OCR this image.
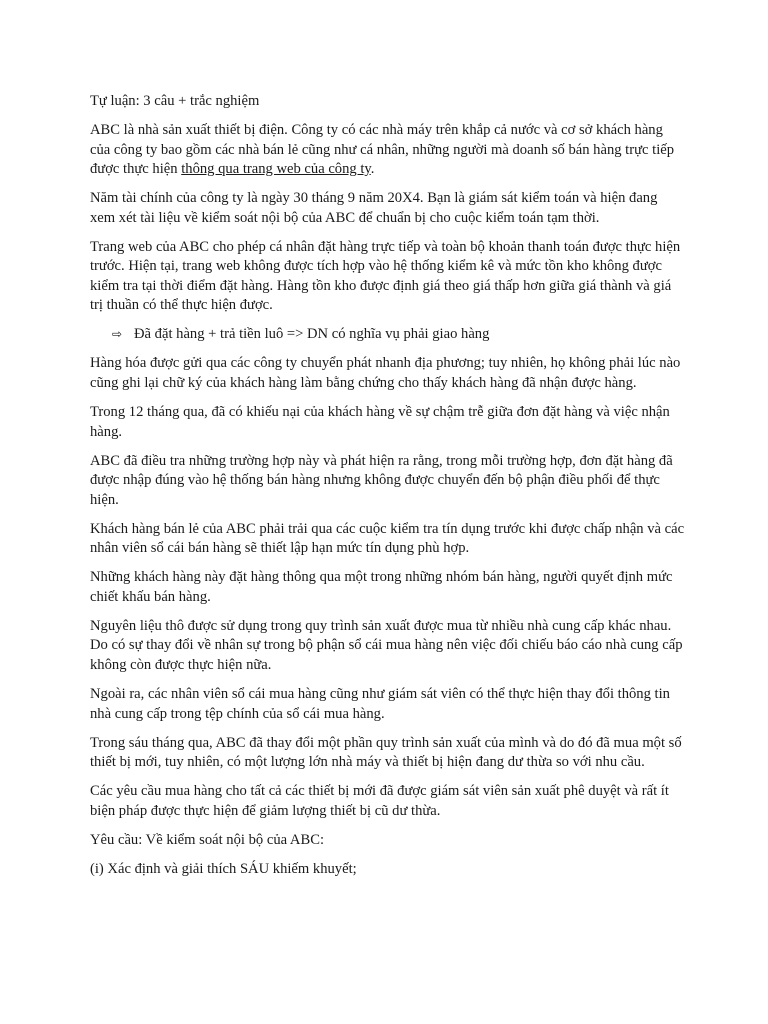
Tự luận: 3 câu + trắc nghiệm

ABC là nhà sản xuất thiết bị điện. Công ty có các nhà máy trên khắp cả nước và cơ sở khách hàng của công ty bao gồm các nhà bán lẻ cũng như cá nhân, những người mà doanh số bán hàng trực tiếp được thực hiện thông qua trang web của công ty.

Năm tài chính của công ty là ngày 30 tháng 9 năm 20X4. Bạn là giám sát kiểm toán và hiện đang xem xét tài liệu về kiểm soát nội bộ của ABC để chuẩn bị cho cuộc kiểm toán tạm thời.

Trang web của ABC cho phép cá nhân đặt hàng trực tiếp và toàn bộ khoản thanh toán được thực hiện trước. Hiện tại, trang web không được tích hợp vào hệ thống kiểm kê và mức tồn kho không được kiểm tra tại thời điểm đặt hàng. Hàng tồn kho được định giá theo giá thấp hơn giữa giá thành và giá trị thuần có thể thực hiện được.

⇨ Đã đặt hàng + trả tiền luô => DN có nghĩa vụ phải giao hàng

Hàng hóa được gửi qua các công ty chuyển phát nhanh địa phương; tuy nhiên, họ không phải lúc nào cũng ghi lại chữ ký của khách hàng làm bằng chứng cho thấy khách hàng đã nhận được hàng.

Trong 12 tháng qua, đã có khiếu nại của khách hàng về sự chậm trễ giữa đơn đặt hàng và việc nhận hàng.

ABC đã điều tra những trường hợp này và phát hiện ra rằng, trong mỗi trường hợp, đơn đặt hàng đã được nhập đúng vào hệ thống bán hàng nhưng không được chuyển đến bộ phận điều phối để thực hiện.

Khách hàng bán lẻ của ABC phải trải qua các cuộc kiểm tra tín dụng trước khi được chấp nhận và các nhân viên sổ cái bán hàng sẽ thiết lập hạn mức tín dụng phù hợp.

Những khách hàng này đặt hàng thông qua một trong những nhóm bán hàng, người quyết định mức chiết khấu bán hàng.

Nguyên liệu thô được sử dụng trong quy trình sản xuất được mua từ nhiều nhà cung cấp khác nhau. Do có sự thay đổi về nhân sự trong bộ phận sổ cái mua hàng nên việc đối chiếu báo cáo nhà cung cấp không còn được thực hiện nữa.

Ngoài ra, các nhân viên sổ cái mua hàng cũng như giám sát viên có thể thực hiện thay đổi thông tin nhà cung cấp trong tệp chính của sổ cái mua hàng.

Trong sáu tháng qua, ABC đã thay đổi một phần quy trình sản xuất của mình và do đó đã mua một số thiết bị mới, tuy nhiên, có một lượng lớn nhà máy và thiết bị hiện đang dư thừa so với nhu cầu.

Các yêu cầu mua hàng cho tất cả các thiết bị mới đã được giám sát viên sản xuất phê duyệt và rất ít biện pháp được thực hiện để giảm lượng thiết bị cũ dư thừa.

Yêu cầu: Về kiểm soát nội bộ của ABC:

(i) Xác định và giải thích SÁU khiếm khuyết;
